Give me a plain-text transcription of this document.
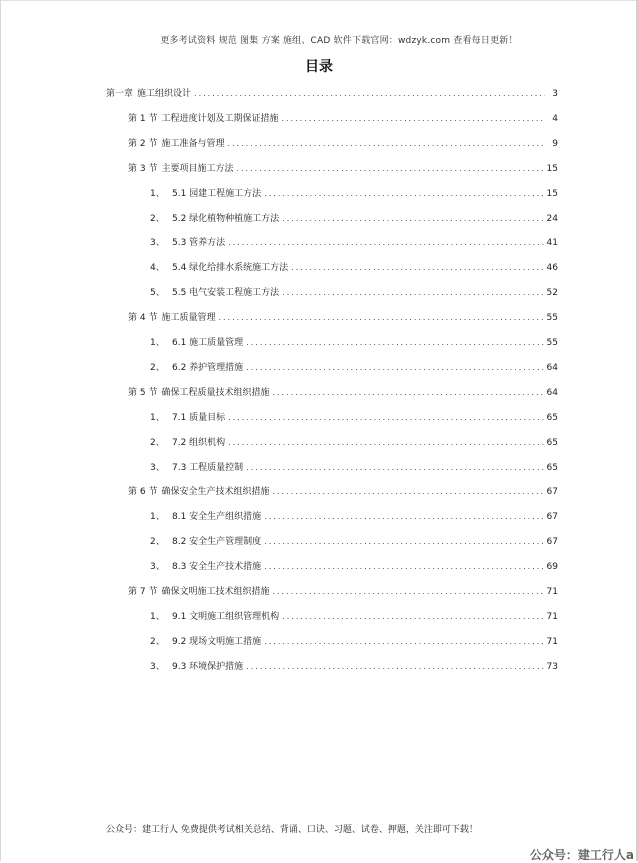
更多考试资料 规范 图集 方案 施组、CAD 软件下载官网：wdzyk.com 查看每日更新！
目录
第一章 施工组织设计 .....	3
第 1 节 工程进度计划及工期保证措施 .....	4
第 2 节 施工准备与管理 .....	9
第 3 节 主要项目施工方法 .....	15
1、 5.1 园建工程施工方法 .....	15
2、 5.2 绿化植物种植施工方法 .....	24
3、 5.3 管养方法 .....	41
4、 5.4 绿化给排水系统施工方法 .....	46
5、 5.5 电气安装工程施工方法 .....	52
第 4 节 施工质量管理 .....	55
1、 6.1 施工质量管理 .....	55
2、 6.2 养护管理措施 .....	64
第 5 节 确保工程质量技术组织措施 .....	64
1、 7.1 质量目标 .....	65
2、 7.2 组织机构 .....	65
3、 7.3 工程质量控制 .....	65
第 6 节 确保安全生产技术组织措施 .....	67
1、 8.1 安全生产组织措施 .....	67
2、 8.2 安全生产管理制度 .....	67
3、 8.3 安全生产技术措施 .....	69
第 7 节 确保文明施工技术组织措施 .....	71
1、 9.1 文明施工组织管理机构 .....	71
2、 9.2 现场文明施工措施 .....	71
3、 9.3 环境保护措施 .....	73
公众号：建工行人 免费提供考试相关总结、背诵、口诀、习题、试卷、押题，关注即可下载！
公众号：建工行人a
